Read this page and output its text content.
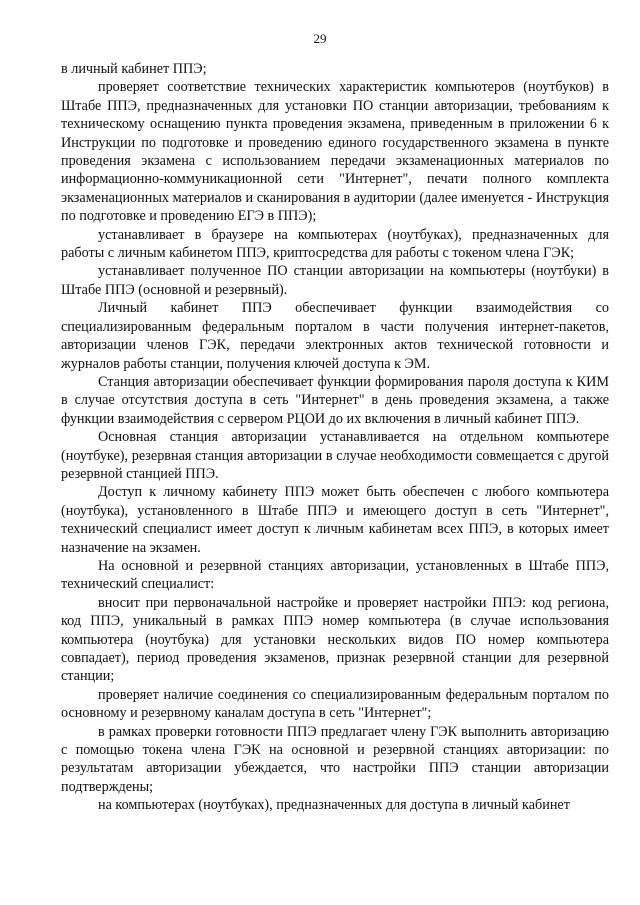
29

в личный кабинет ППЭ;

проверяет соответствие технических характеристик компьютеров (ноутбуков) в Штабе ППЭ, предназначенных для установки ПО станции авторизации, требованиям к техническому оснащению пункта проведения экзамена, приведенным в приложении 6 к Инструкции по подготовке и проведению единого государственного экзамена в пункте проведения экзамена с использованием передачи экзаменационных материалов по информационно-коммуникационной сети "Интернет", печати полного комплекта экзаменационных материалов и сканирования в аудитории (далее именуется - Инструкция по подготовке и проведению ЕГЭ в ППЭ);

устанавливает в браузере на компьютерах (ноутбуках), предназначенных для работы с личным кабинетом ППЭ, криптосредства для работы с токеном члена ГЭК;

устанавливает полученное ПО станции авторизации на компьютеры (ноутбуки) в Штабе ППЭ (основной и резервный).

Личный кабинет ППЭ обеспечивает функции взаимодействия со специализированным федеральным порталом в части получения интернет-пакетов, авторизации членов ГЭК, передачи электронных актов технической готовности и журналов работы станции, получения ключей доступа к ЭМ.

Станция авторизации обеспечивает функции формирования пароля доступа к КИМ в случае отсутствия доступа в сеть "Интернет" в день проведения экзамена, а также функции взаимодействия с сервером РЦОИ до их включения в личный кабинет ППЭ.

Основная станция авторизации устанавливается на отдельном компьютере (ноутбуке), резервная станция авторизации в случае необходимости совмещается с другой резервной станцией ППЭ.

Доступ к личному кабинету ППЭ может быть обеспечен с любого компьютера (ноутбука), установленного в Штабе ППЭ и имеющего доступ в сеть "Интернет", технический специалист имеет доступ к личным кабинетам всех ППЭ, в которых имеет назначение на экзамен.

На основной и резервной станциях авторизации, установленных в Штабе ППЭ, технический специалист:

вносит при первоначальной настройке и проверяет настройки ППЭ: код региона, код ППЭ, уникальный в рамках ППЭ номер компьютера (в случае использования компьютера (ноутбука) для установки нескольких видов ПО номер компьютера совпадает), период проведения экзаменов, признак резервной станции для резервной станции;

проверяет наличие соединения со специализированным федеральным порталом по основному и резервному каналам доступа в сеть "Интернет";

в рамках проверки готовности ППЭ предлагает члену ГЭК выполнить авторизацию с помощью токена члена ГЭК на основной и резервной станциях авторизации: по результатам авторизации убеждается, что настройки ППЭ станции авторизации подтверждены;

на компьютерах (ноутбуках), предназначенных для доступа в личный кабинет
